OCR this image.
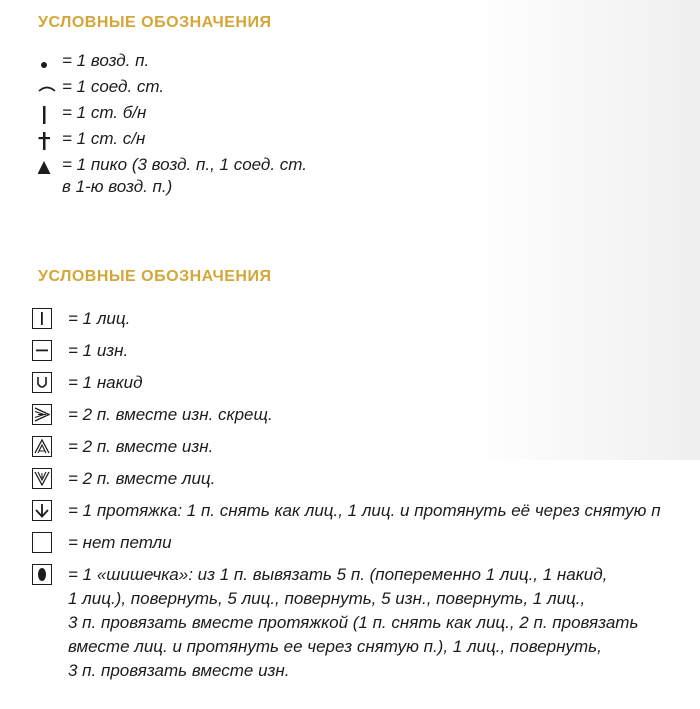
УСЛОВНЫЕ ОБОЗНАЧЕНИЯ
= 1 возд. п.
= 1 соед. ст.
= 1 ст. б/н
= 1 ст. с/н
= 1 пико (3 возд. п., 1 соед. ст.
в 1-ю возд. п.)
УСЛОВНЫЕ ОБОЗНАЧЕНИЯ
= 1 лиц.
= 1 изн.
= 1 накид
= 2 п. вместе изн. скрещ.
= 2 п. вместе изн.
= 2 п. вместе лиц.
= 1 протяжка: 1 п. снять как лиц., 1 лиц. и протянуть её через снятую п
= нет петли
= 1 «шишечка»: из 1 п. вывязать 5 п. (попеременно 1 лиц., 1 накид,
1 лиц.), повернуть, 5 лиц., повернуть, 5 изн., повернуть, 1 лиц.,
3 п. провязать вместе протяжкой (1 п. снять как лиц., 2 п. провязать
вместе лиц. и протянуть ее через снятую п.), 1 лиц., повернуть,
3 п. провязать вместе изн.
